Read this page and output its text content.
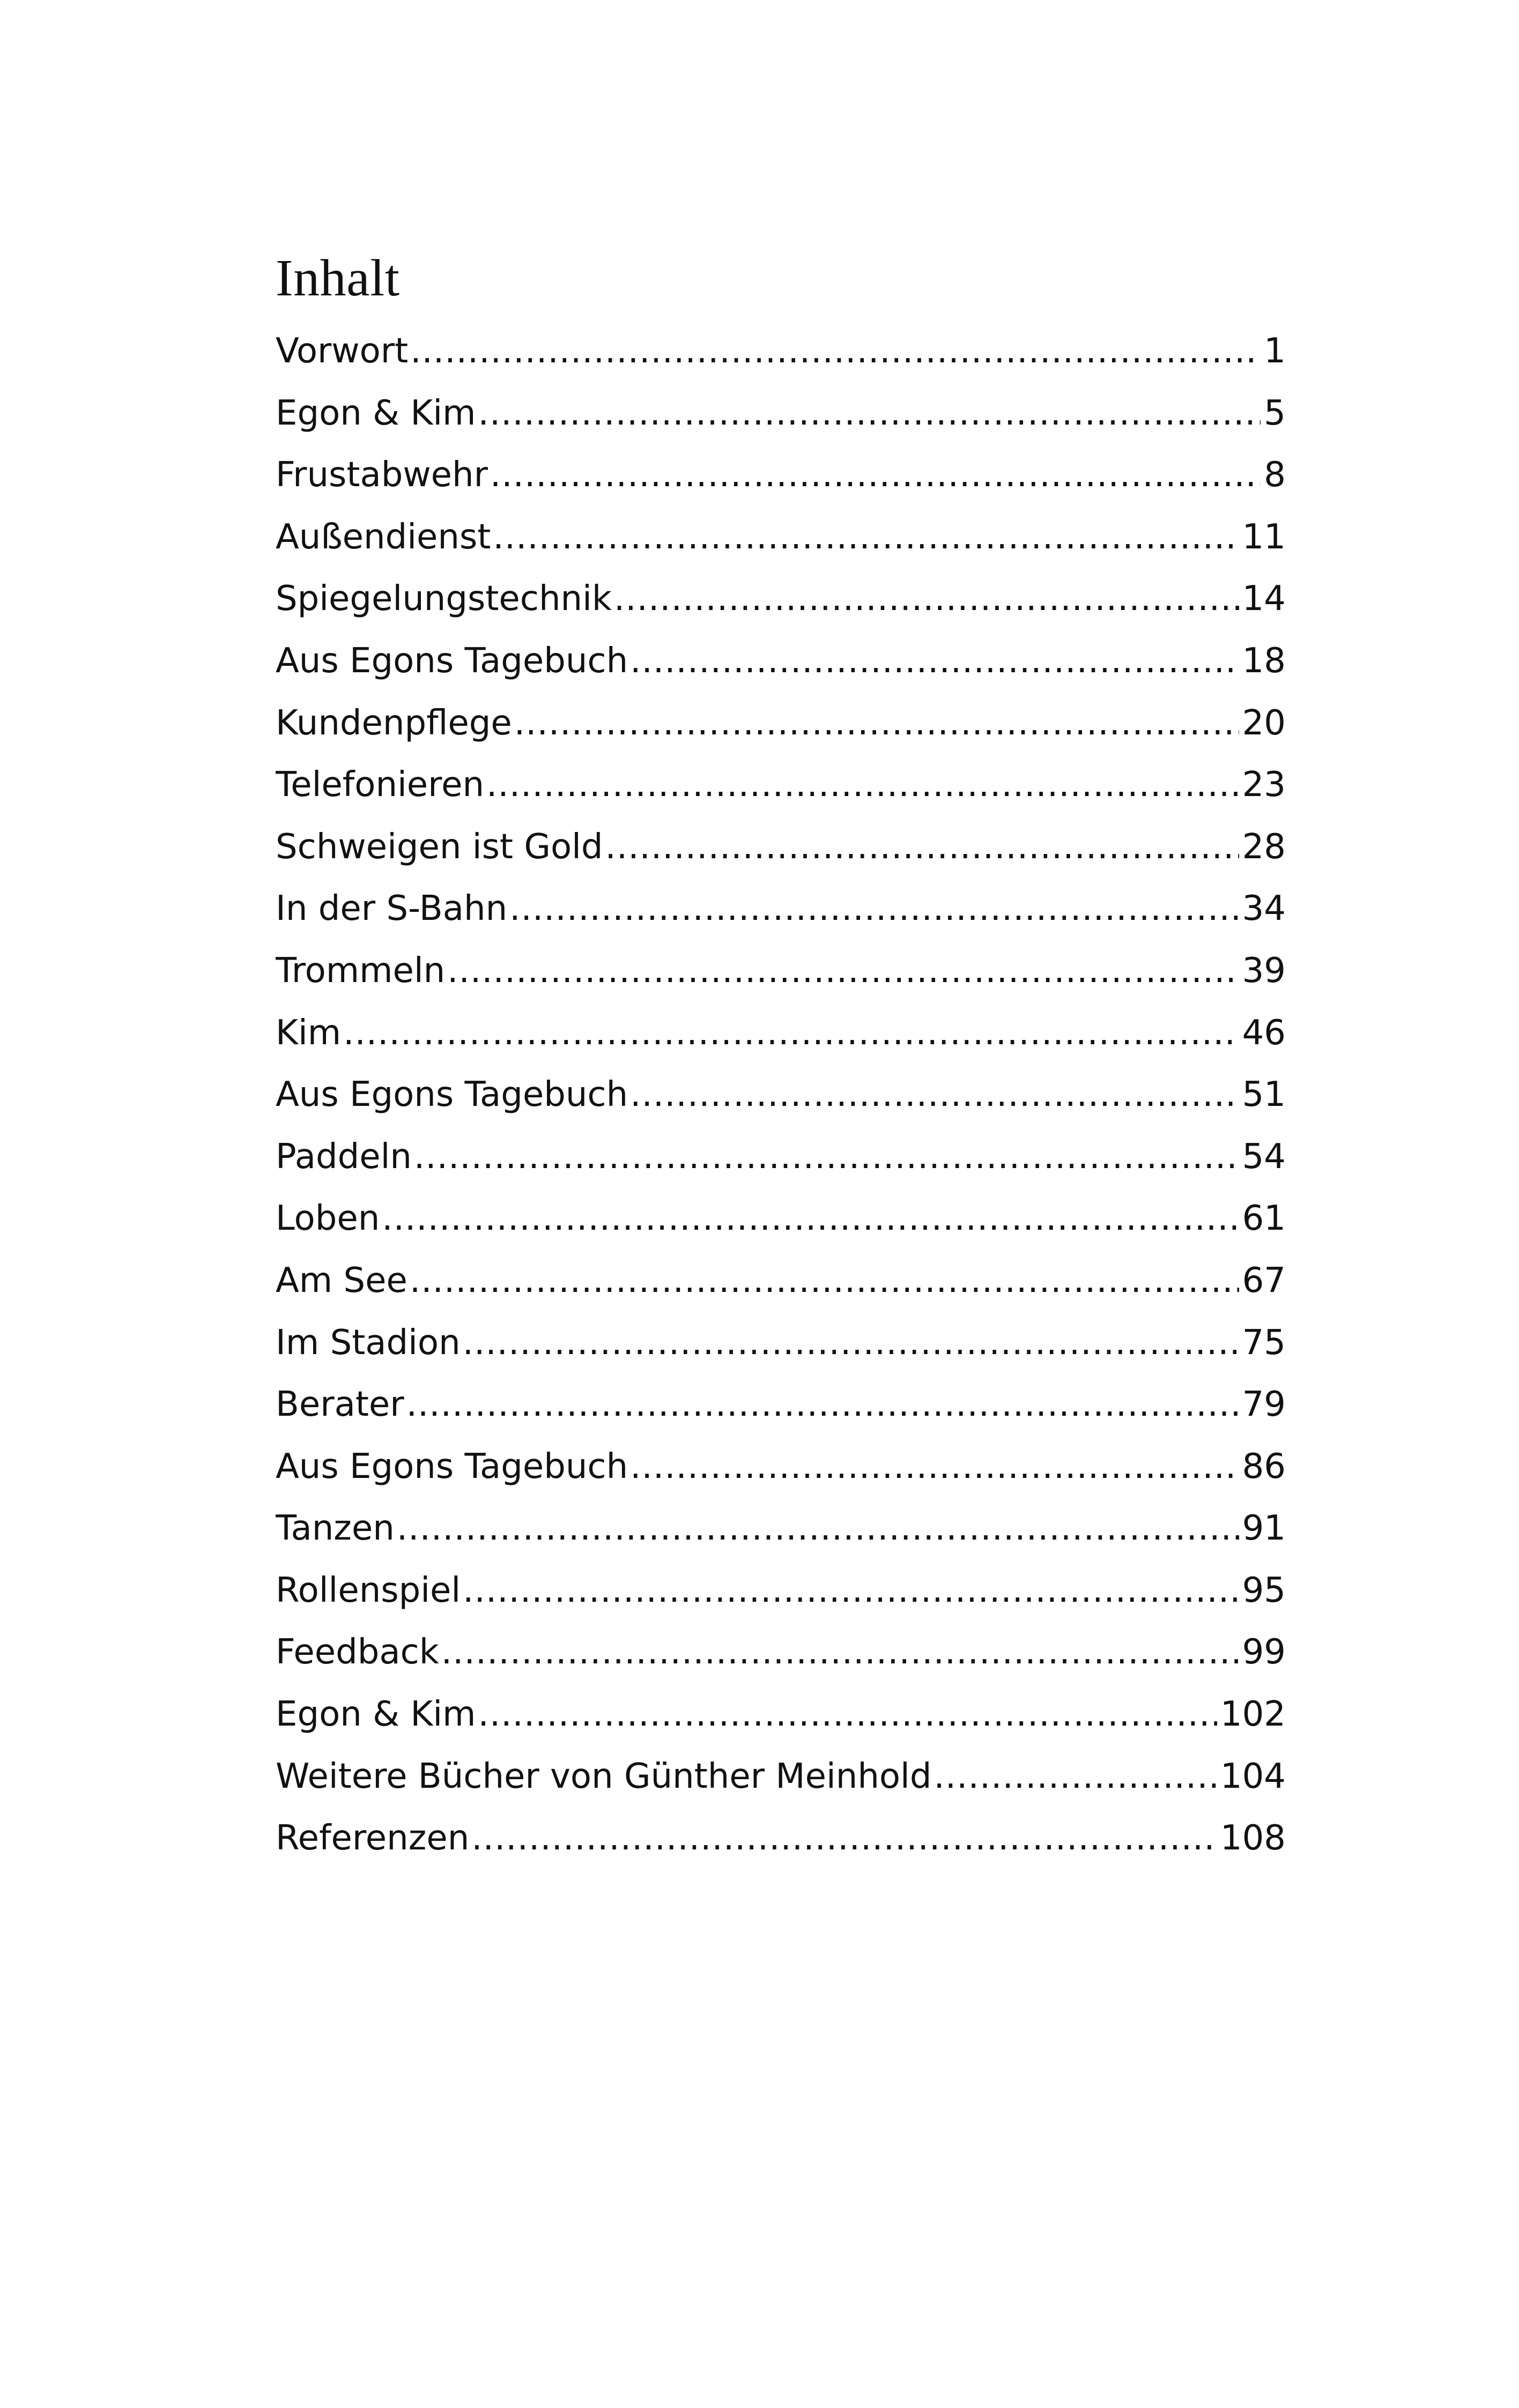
Inhalt
Vorwort .....	1
Egon & Kim .....	5
Frustabwehr .....	8
Außendienst .....	11
Spiegelungstechnik .....	14
Aus Egons Tagebuch .....	18
Kundenpflege .....	20
Telefonieren .....	23
Schweigen ist Gold .....	28
In der S-Bahn .....	34
Trommeln .....	39
Kim .....	46
Aus Egons Tagebuch .....	51
Paddeln .....	54
Loben .....	61
Am See .....	67
Im Stadion .....	75
Berater .....	79
Aus Egons Tagebuch .....	86
Tanzen .....	91
Rollenspiel .....	95
Feedback .....	99
Egon & Kim .....	102
Weitere Bücher von Günther Meinhold .....	104
Referenzen .....	108
